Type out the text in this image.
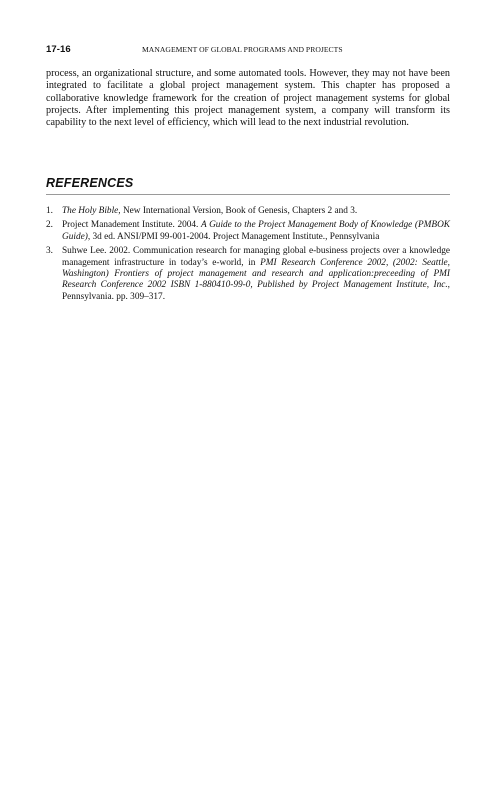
17-16	MANAGEMENT OF GLOBAL PROGRAMS AND PROJECTS

process, an organizational structure, and some automated tools. However, they may not have been integrated to facilitate a global project management system. This chapter has proposed a collaborative knowledge framework for the creation of project management systems for global projects. After implementing this project management system, a company will transform its capability to the next level of efficiency, which will lead to the next industrial revolution.

REFERENCES
1. The Holy Bible, New International Version, Book of Genesis, Chapters 2 and 3.
2. Project Manadement Institute. 2004. A Guide to the Project Management Body of Knowledge (PMBOK Guide), 3d ed. ANSI/PMI 99-001-2004. Project Management Institute., Pennsylvania
3. Suhwe Lee. 2002. Communication research for managing global e-business projects over a knowledge management infrastructure in today’s e-world, in PMI Research Conference 2002, (2002: Seattle, Washington) Frontiers of project management and research and application:preceeding of PMI Research Conference 2002 ISBN 1-880410-99-0, Published by Project Management Institute, Inc., Pennsylvania. pp. 309–317.
